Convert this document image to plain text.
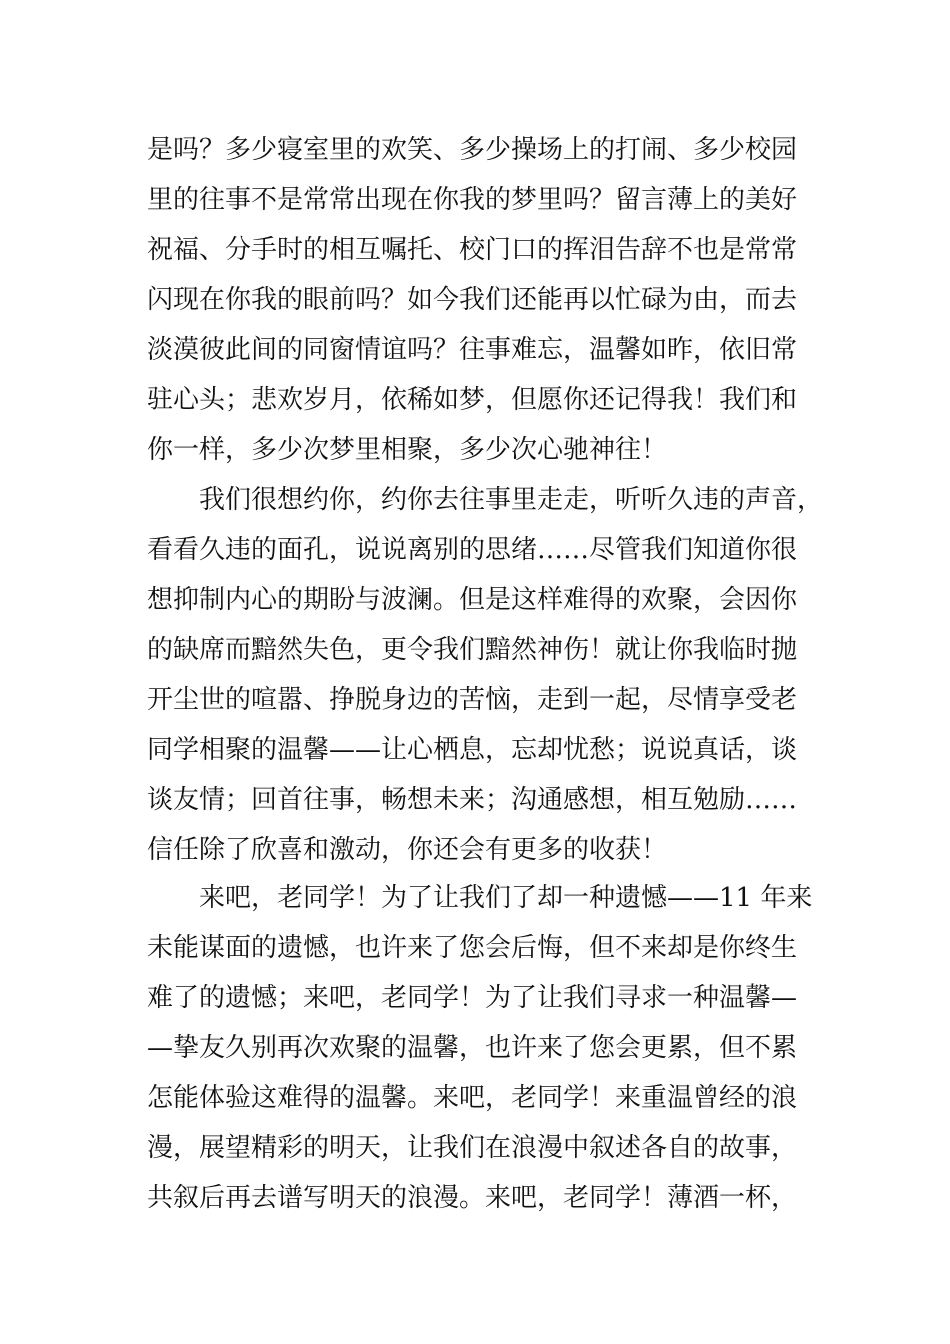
是吗？多少寝室里的欢笑、多少操场上的打闹、多少校园
里的往事不是常常出现在你我的梦里吗？留言薄上的美好
祝福、分手时的相互嘱托、校门口的挥泪告辞不也是常常
闪现在你我的眼前吗？如今我们还能再以忙碌为由，而去
淡漠彼此间的同窗情谊吗？往事难忘，温馨如昨，依旧常
驻心头；悲欢岁月，依稀如梦，但愿你还记得我！我们和
你一样，多少次梦里相聚，多少次心驰神往！
我们很想约你，约你去往事里走走，听听久违的声音，
看看久违的面孔，说说离别的思绪……尽管我们知道你很
想抑制内心的期盼与波澜。但是这样难得的欢聚，会因你
的缺席而黯然失色，更令我们黯然神伤！就让你我临时抛
开尘世的喧嚣、挣脱身边的苦恼，走到一起，尽情享受老
同学相聚的温馨——让心栖息，忘却忧愁；说说真话，谈
谈友情；回首往事，畅想未来；沟通感想，相互勉励……
信任除了欣喜和激动，你还会有更多的收获！
来吧，老同学！为了让我们了却一种遗憾——11 年来
未能谋面的遗憾，也许来了您会后悔，但不来却是你终生
难了的遗憾；来吧，老同学！为了让我们寻求一种温馨—
—挚友久别再次欢聚的温馨，也许来了您会更累，但不累
怎能体验这难得的温馨。来吧，老同学！来重温曾经的浪
漫，展望精彩的明天，让我们在浪漫中叙述各自的故事，
共叙后再去谱写明天的浪漫。来吧，老同学！薄酒一杯，
